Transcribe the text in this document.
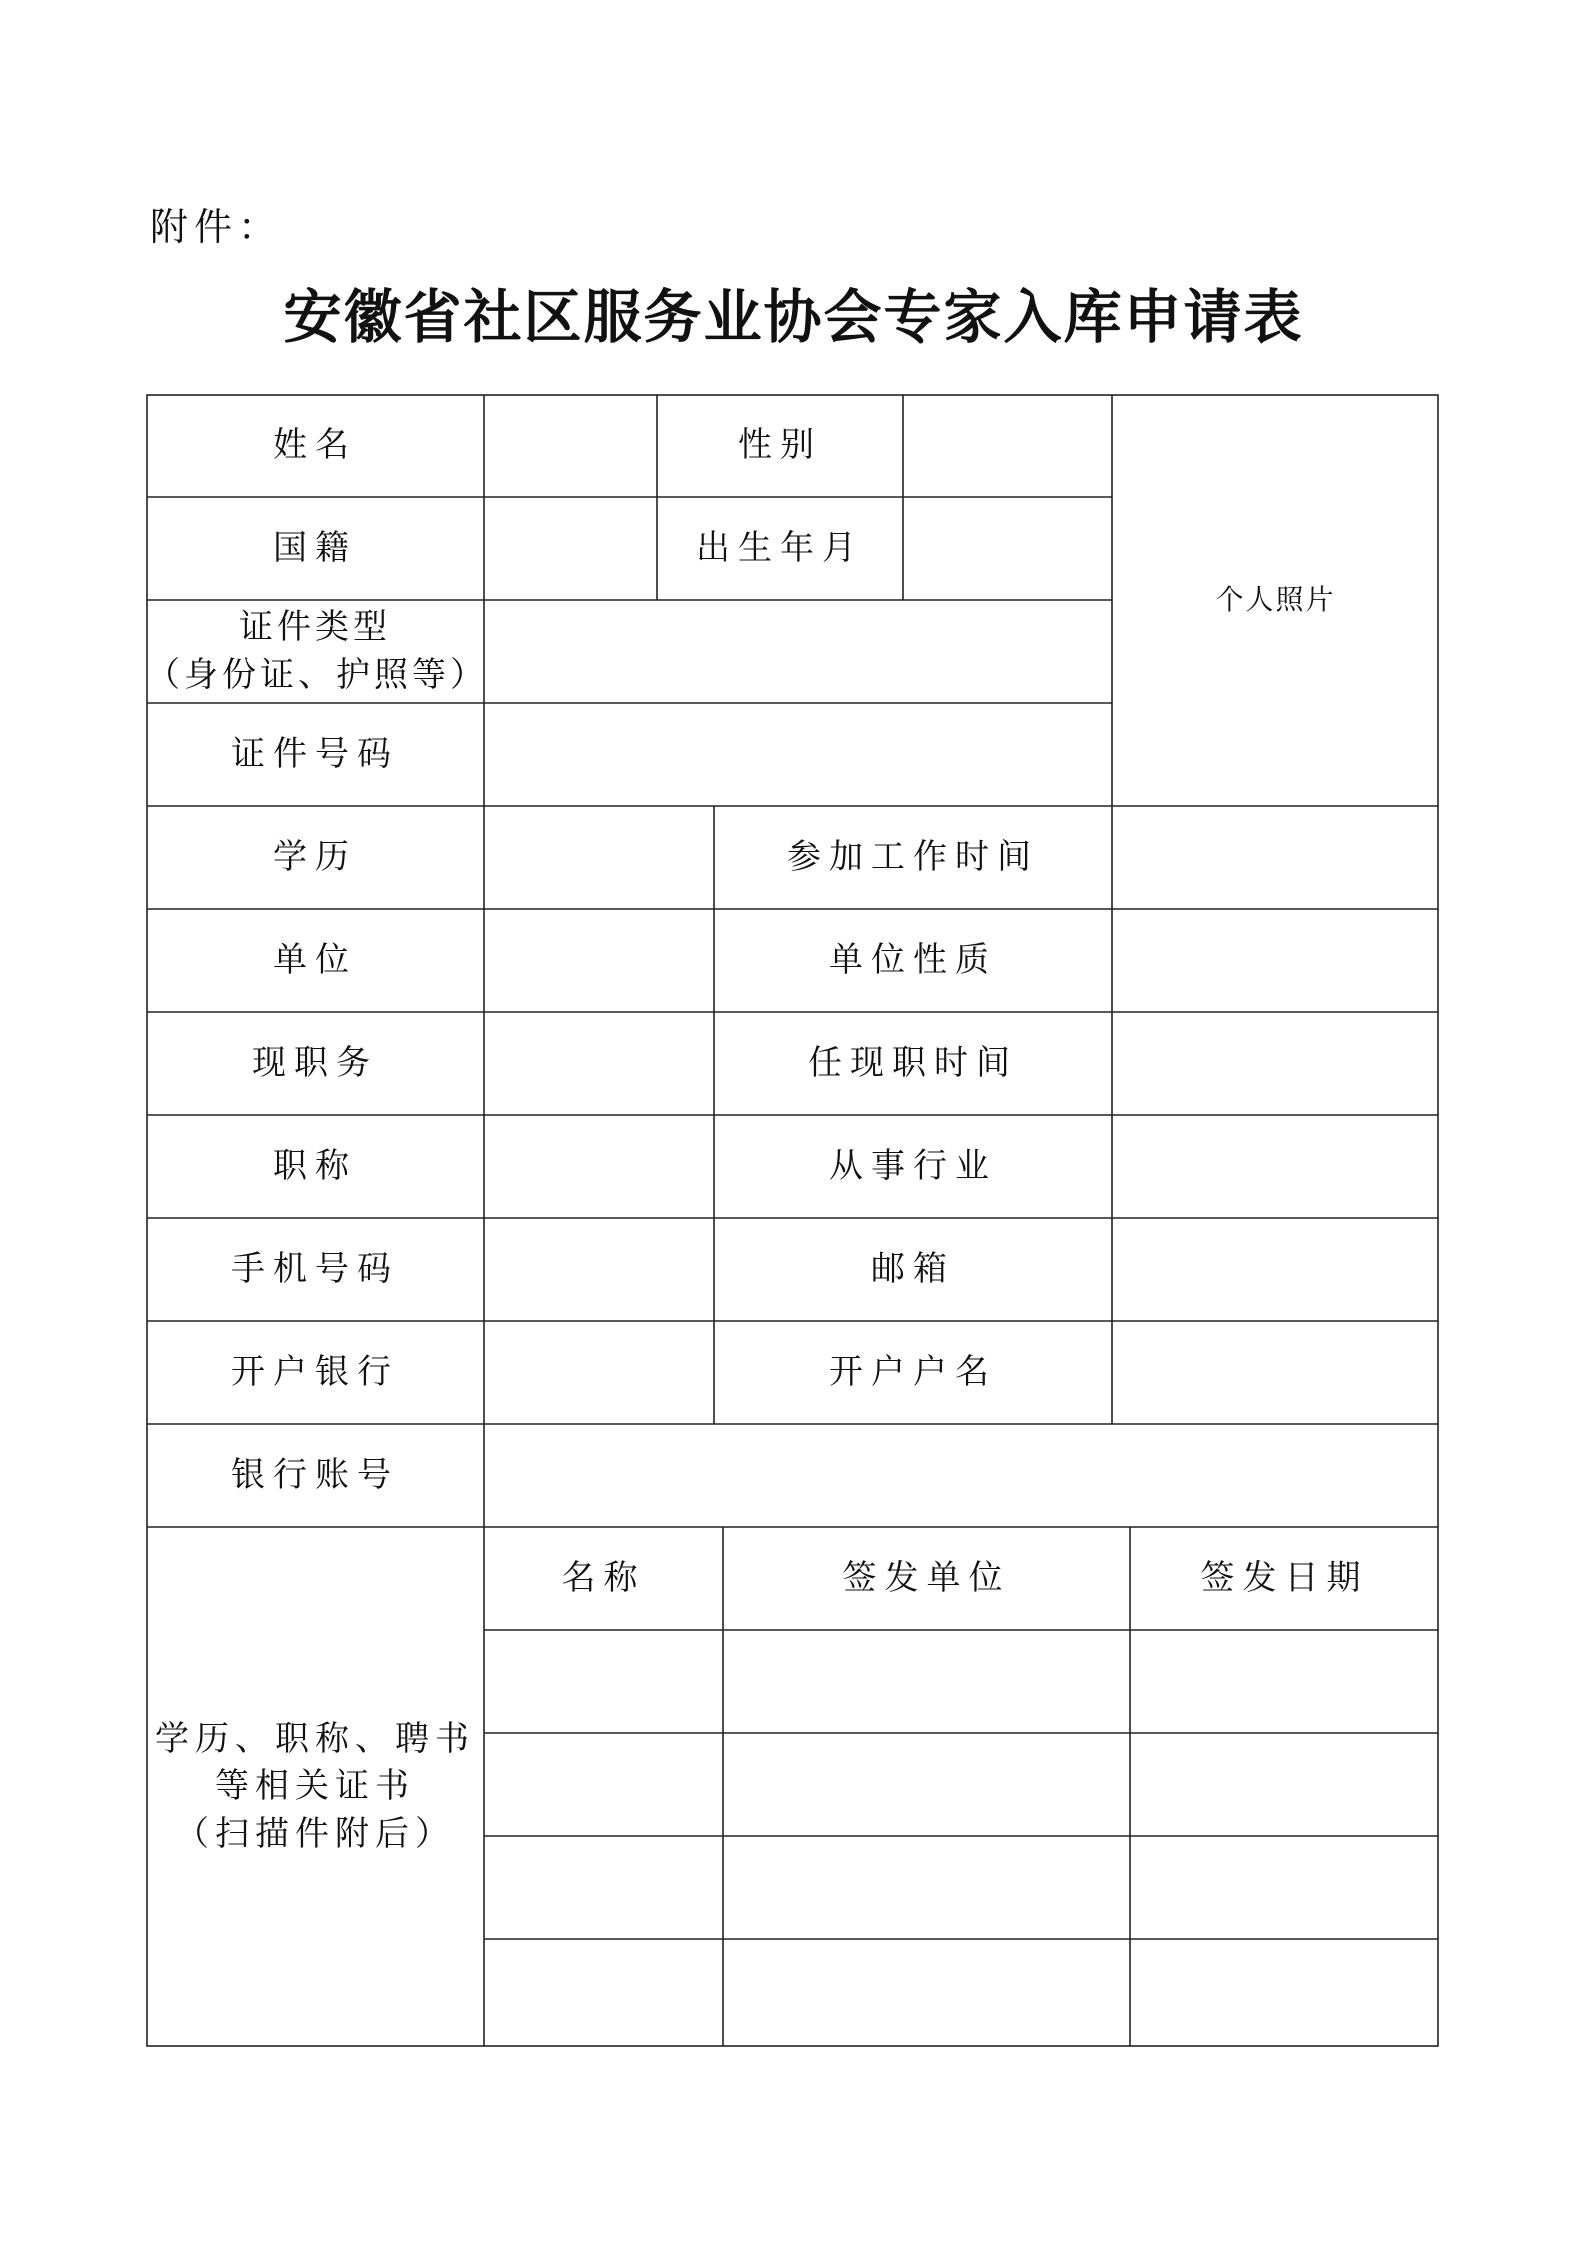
附件：
安徽省社区服务业协会专家入库申请表
姓名	性别
个人照片
国籍	出生年月
证件类型
（身份证、护照等）
证件号码
学历	参加工作时间
单位	单位性质
现职务	任现职时间
职称	从事行业
手机号码	邮箱
开户银行	开户户名
银行账号
学历、职称、聘书
等相关证书
（扫描件附后）
名称	签发单位	签发日期
